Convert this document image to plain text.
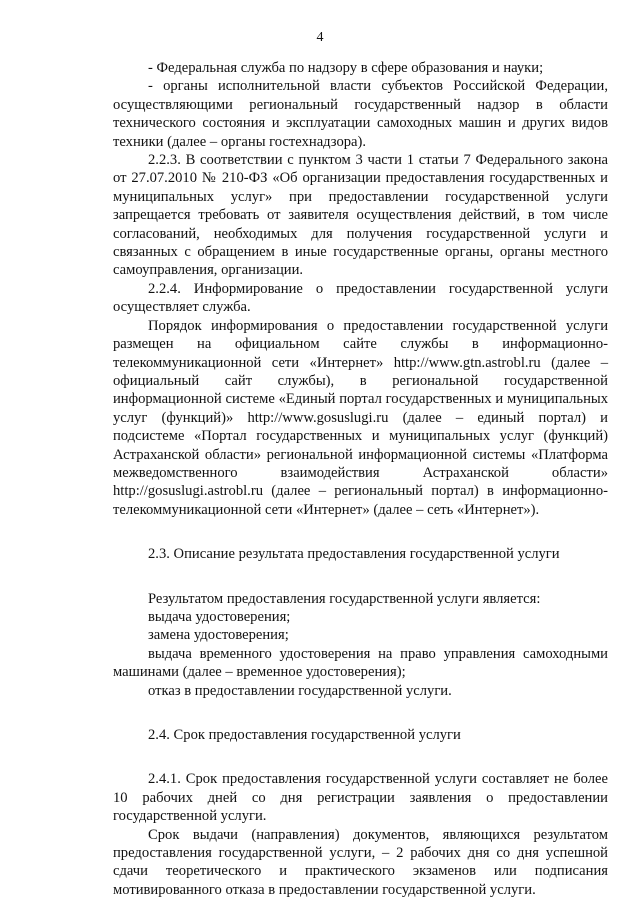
4

- Федеральная служба по надзору в сфере образования и науки;

- органы исполнительной власти субъектов Российской Федерации, осуществляющими региональный государственный надзор в области технического состояния и эксплуатации самоходных машин и других видов техники (далее – органы гостехнадзора).

2.2.3. В соответствии с пунктом 3 части 1 статьи 7 Федерального закона от 27.07.2010 № 210-ФЗ «Об организации предоставления государственных и муниципальных услуг» при предоставлении государственной услуги запрещается требовать от заявителя осуществления действий, в том числе согласований, необходимых для получения государственной услуги и связанных с обращением в иные государственные органы, органы местного самоуправления, организации.

2.2.4. Информирование о предоставлении государственной услуги осуществляет служба.

Порядок информирования о предоставлении государственной услуги размещен на официальном сайте службы в информационно-телекоммуникационной сети «Интернет» http://www.gtn.astrobl.ru (далее – официальный сайт службы), в региональной государственной информационной системе «Единый портал государственных и муниципальных услуг (функций)» http://www.gosuslugi.ru (далее – единый портал) и подсистеме «Портал государственных и муниципальных услуг (функций) Астраханской области» региональной информационной системы «Платформа межведомственного взаимодействия Астраханской области» http://gosuslugi.astrobl.ru (далее – региональный портал) в информационно-телекоммуникационной сети «Интернет» (далее – сеть «Интернет»).

2.3. Описание результата предоставления государственной услуги

Результатом предоставления государственной услуги является:

выдача удостоверения;

замена удостоверения;

выдача временного удостоверения на право управления самоходными машинами (далее – временное удостоверения);

отказ в предоставлении государственной услуги.

2.4. Срок предоставления государственной услуги

2.4.1. Срок предоставления государственной услуги составляет не более 10 рабочих дней со дня регистрации заявления о предоставлении государственной услуги.

Срок выдачи (направления) документов, являющихся результатом предоставления государственной услуги, – 2 рабочих дня со дня успешной сдачи теоретического и практического экзаменов или подписания мотивированного отказа в предоставлении государственной услуги.
